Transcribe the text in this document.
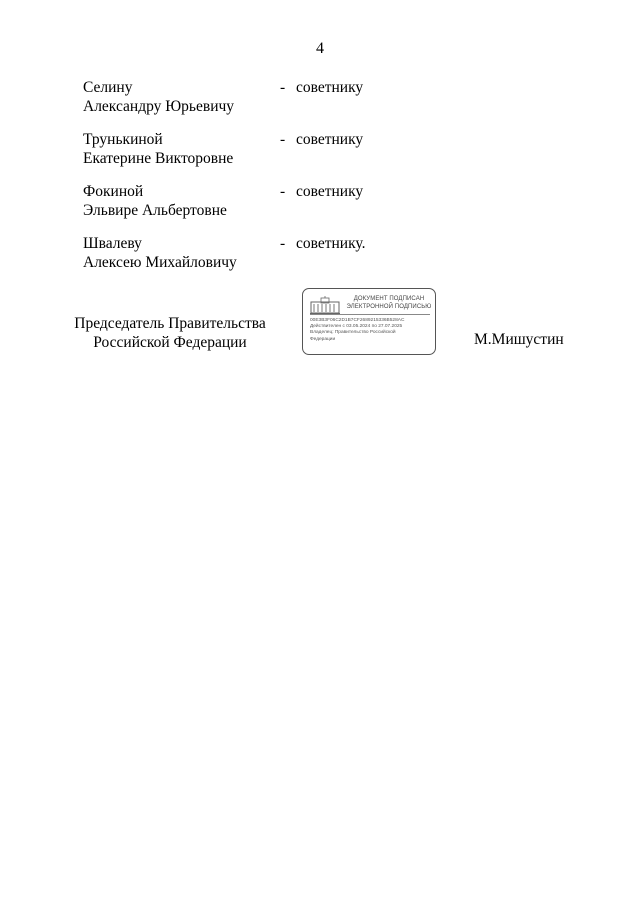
4
Селину
Александру Юрьевичу
- советнику
Трунькиной
Екатерине Викторовне
- советнику
Фокиной
Эльвире Альбертовне
- советнику
Швалеву
Алексею Михайловичу
- советнику.
Председатель Правительства
Российской Федерации
ДОКУМЕНТ ПОДПИСАН
ЭЛЕКТРОННОЙ ПОДПИСЬЮ
00E3B3F06C2D1B7CF2689215336B528AC
Действителен с 03.05.2024 по 27.07.2025
Владелец: Правительство Российской
Федерации	М.Мишустин
